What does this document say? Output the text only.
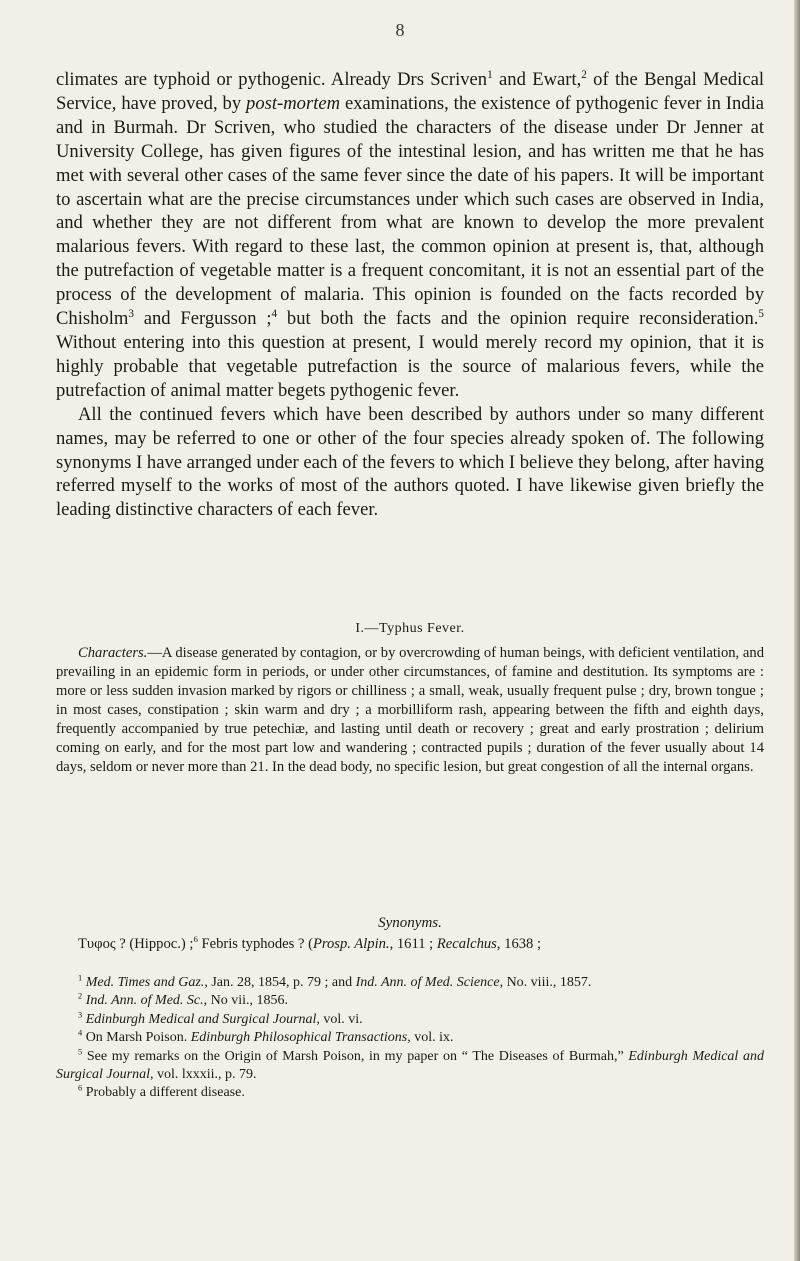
8

climates are typhoid or pythogenic. Already Drs Scriven$^1$ and Ewart,$^2$ of the Bengal Medical Service, have proved, by post-mortem examinations, the existence of pythogenic fever in India and in Burmah. Dr Scriven, who studied the characters of the disease under Dr Jenner at University College, has given figures of the intestinal lesion, and has written me that he has met with several other cases of the same fever since the date of his papers. It will be important to ascertain what are the precise circumstances under which such cases are observed in India, and whether they are not different from what are known to develop the more prevalent malarious fevers. With regard to these last, the common opinion at present is, that, although the putrefaction of vegetable matter is a frequent concomitant, it is not an essential part of the process of the development of malaria. This opinion is founded on the facts recorded by Chisholm$^3$ and Fergusson ;$^4$ but both the facts and the opinion require reconsideration.$^5$ Without entering into this question at present, I would merely record my opinion, that it is highly probable that vegetable putrefaction is the source of malarious fevers, while the putrefaction of animal matter begets pythogenic fever.

All the continued fevers which have been described by authors under so many different names, may be referred to one or other of the four species already spoken of. The following synonyms I have arranged under each of the fevers to which I believe they belong, after having referred myself to the works of most of the authors quoted. I have likewise given briefly the leading distinctive characters of each fever.

I.—Typhus Fever.
Characters.—A disease generated by contagion, or by overcrowding of human beings, with deficient ventilation, and prevailing in an epidemic form in periods, or under other circumstances, of famine and destitution. Its symptoms are : more or less sudden invasion marked by rigors or chilliness ; a small, weak, usually frequent pulse ; dry, brown tongue ; in most cases, constipation ; skin warm and dry ; a morbilliform rash, appearing between the fifth and eighth days, frequently accompanied by true petechiæ, and lasting until death or recovery ; great and early prostration ; delirium coming on early, and for the most part low and wandering ; contracted pupils ; duration of the fever usually about 14 days, seldom or never more than 21. In the dead body, no specific lesion, but great congestion of all the internal organs.
Synonyms.
Τυφος ? (Hippoc.) ;$^6$ Febris typhodes ? (Prosp. Alpin., 1611 ; Recalchus, 1638 ;

$^1$ Med. Times and Gaz., Jan. 28, 1854, p. 79 ; and Ind. Ann. of Med. Science, No. viii., 1857.

$^2$ Ind. Ann. of Med. Sc., No vii., 1856.

$^3$ Edinburgh Medical and Surgical Journal, vol. vi.

$^4$ On Marsh Poison. Edinburgh Philosophical Transactions, vol. ix.

$^5$ See my remarks on the Origin of Marsh Poison, in my paper on “ The Diseases of Burmah,” Edinburgh Medical and Surgical Journal, vol. lxxxii., p. 79.

$^6$ Probably a different disease.
